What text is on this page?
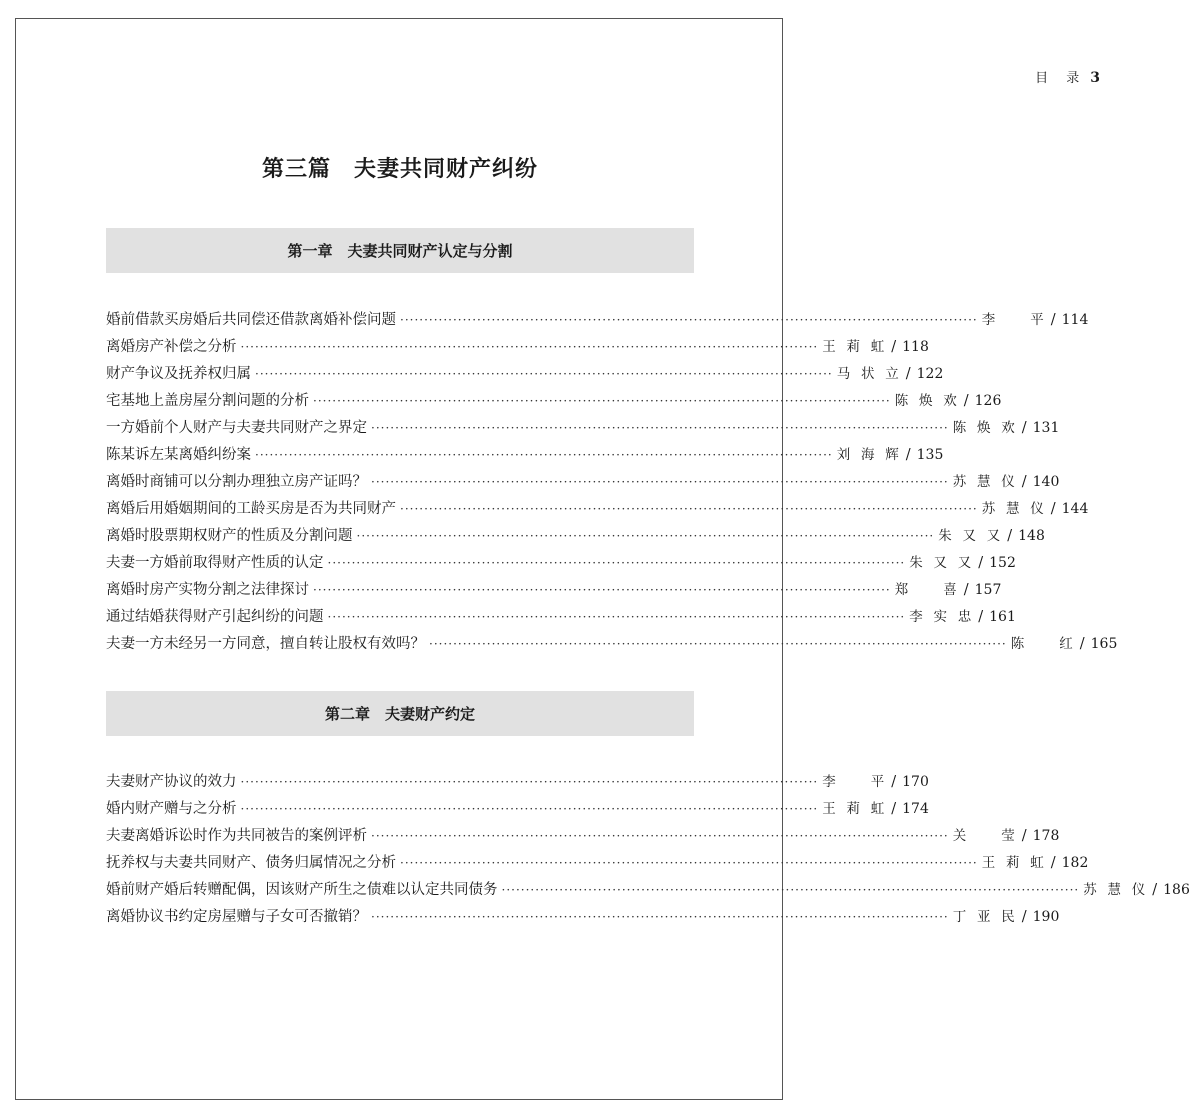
目 录 3
第三篇　夫妻共同财产纠纷
第一章　夫妻共同财产认定与分割
婚前借款买房婚后共同偿还借款离婚补偿问题 ························································································································ 李　平 / 114
离婚房产补偿之分析 ························································································································ 王莉虹 / 118
财产争议及抚养权归属 ························································································································ 马状立 / 122
宅基地上盖房屋分割问题的分析 ························································································································ 陈焕欢 / 126
一方婚前个人财产与夫妻共同财产之界定 ························································································································ 陈焕欢 / 131
陈某诉左某离婚纠纷案 ························································································································ 刘海辉 / 135
离婚时商铺可以分割办理独立房产证吗？ ························································································································ 苏慧仪 / 140
离婚后用婚姻期间的工龄买房是否为共同财产 ························································································································ 苏慧仪 / 144
离婚时股票期权财产的性质及分割问题 ························································································································ 朱又又 / 148
夫妻一方婚前取得财产性质的认定 ························································································································ 朱又又 / 152
离婚时房产实物分割之法律探讨 ························································································································ 郑　喜 / 157
通过结婚获得财产引起纠纷的问题 ························································································································ 李实忠 / 161
夫妻一方未经另一方同意，擅自转让股权有效吗？ ························································································································ 陈　红 / 165
第二章　夫妻财产约定
夫妻财产协议的效力 ························································································································ 李　平 / 170
婚内财产赠与之分析 ························································································································ 王莉虹 / 174
夫妻离婚诉讼时作为共同被告的案例评析 ························································································································ 关　莹 / 178
抚养权与夫妻共同财产、债务归属情况之分析 ························································································································ 王莉虹 / 182
婚前财产婚后转赠配偶，因该财产所生之债难以认定共同债务 ························································································································ 苏慧仪 / 186
离婚协议书约定房屋赠与子女可否撤销？ ························································································································ 丁亚民 / 190
